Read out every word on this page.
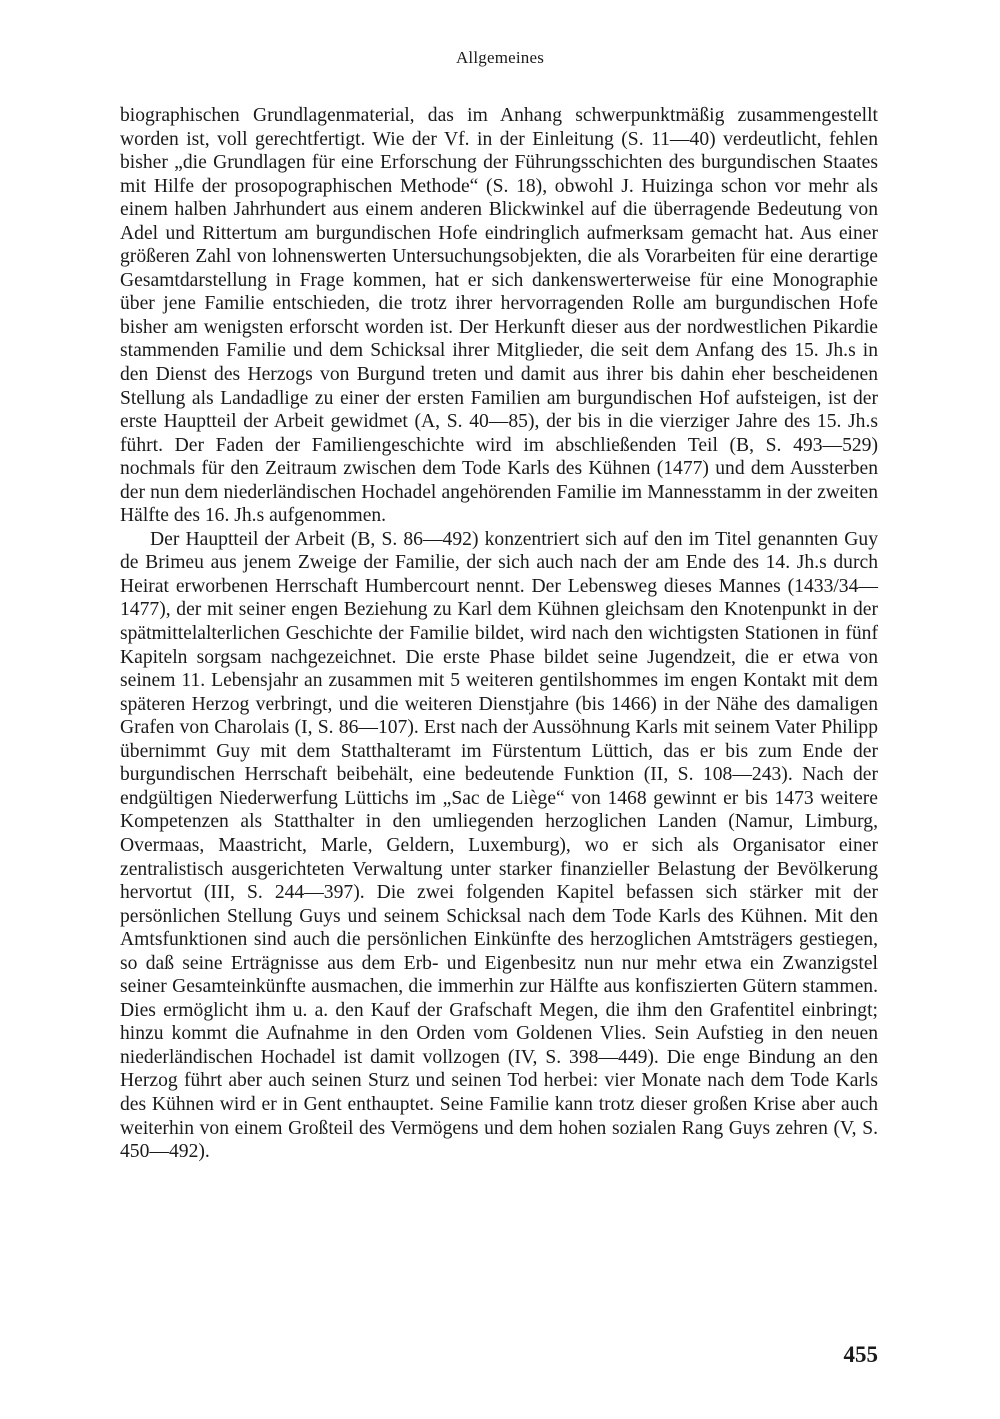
Allgemeines

biographischen Grundlagenmaterial, das im Anhang schwerpunktmäßig zusammengestellt worden ist, voll gerechtfertigt. Wie der Vf. in der Einleitung (S. 11—40) verdeutlicht, fehlen bisher „die Grundlagen für eine Erforschung der Führungsschichten des burgundischen Staates mit Hilfe der prosopographischen Methode“ (S. 18), obwohl J. Huizinga schon vor mehr als einem halben Jahrhundert aus einem anderen Blickwinkel auf die überragende Bedeutung von Adel und Rittertum am burgundischen Hofe eindringlich aufmerksam gemacht hat. Aus einer größeren Zahl von lohnenswerten Untersuchungsobjekten, die als Vorarbeiten für eine derartige Gesamtdarstellung in Frage kommen, hat er sich dankenswerterweise für eine Monographie über jene Familie entschieden, die trotz ihrer hervorragenden Rolle am burgundischen Hofe bisher am wenigsten erforscht worden ist. Der Herkunft dieser aus der nordwestlichen Pikardie stammenden Familie und dem Schicksal ihrer Mitglieder, die seit dem Anfang des 15. Jh.s in den Dienst des Herzogs von Burgund treten und damit aus ihrer bis dahin eher bescheidenen Stellung als Landadlige zu einer der ersten Familien am burgundischen Hof aufsteigen, ist der erste Hauptteil der Arbeit gewidmet (A, S. 40—85), der bis in die vierziger Jahre des 15. Jh.s führt. Der Faden der Familiengeschichte wird im abschließenden Teil (B, S. 493—529) nochmals für den Zeitraum zwischen dem Tode Karls des Kühnen (1477) und dem Aussterben der nun dem niederländischen Hochadel angehörenden Familie im Mannesstamm in der zweiten Hälfte des 16. Jh.s aufgenommen.

Der Hauptteil der Arbeit (B, S. 86—492) konzentriert sich auf den im Titel genannten Guy de Brimeu aus jenem Zweige der Familie, der sich auch nach der am Ende des 14. Jh.s durch Heirat erworbenen Herrschaft Humbercourt nennt. Der Lebensweg dieses Mannes (1433/34—1477), der mit seiner engen Beziehung zu Karl dem Kühnen gleichsam den Knotenpunkt in der spätmittelalterlichen Geschichte der Familie bildet, wird nach den wichtigsten Stationen in fünf Kapiteln sorgsam nachgezeichnet. Die erste Phase bildet seine Jugendzeit, die er etwa von seinem 11. Lebensjahr an zusammen mit 5 weiteren gentilshommes im engen Kontakt mit dem späteren Herzog verbringt, und die weiteren Dienstjahre (bis 1466) in der Nähe des damaligen Grafen von Charolais (I, S. 86—107). Erst nach der Aussöhnung Karls mit seinem Vater Philipp übernimmt Guy mit dem Statthalteramt im Fürstentum Lüttich, das er bis zum Ende der burgundischen Herrschaft beibehält, eine bedeutende Funktion (II, S. 108—243). Nach der endgültigen Niederwerfung Lüttichs im „Sac de Liège“ von 1468 gewinnt er bis 1473 weitere Kompetenzen als Statthalter in den umliegenden herzoglichen Landen (Namur, Limburg, Overmaas, Maastricht, Marle, Geldern, Luxemburg), wo er sich als Organisator einer zentralistisch ausgerichteten Verwaltung unter starker finanzieller Belastung der Bevölkerung hervortut (III, S. 244—397). Die zwei folgenden Kapitel befassen sich stärker mit der persönlichen Stellung Guys und seinem Schicksal nach dem Tode Karls des Kühnen. Mit den Amtsfunktionen sind auch die persönlichen Einkünfte des herzoglichen Amtsträgers gestiegen, so daß seine Erträgnisse aus dem Erb- und Eigenbesitz nun nur mehr etwa ein Zwanzigstel seiner Gesamteinkünfte ausmachen, die immerhin zur Hälfte aus konfiszierten Gütern stammen. Dies ermöglicht ihm u. a. den Kauf der Grafschaft Megen, die ihm den Grafentitel einbringt; hinzu kommt die Aufnahme in den Orden vom Goldenen Vlies. Sein Aufstieg in den neuen niederländischen Hochadel ist damit vollzogen (IV, S. 398—449). Die enge Bindung an den Herzog führt aber auch seinen Sturz und seinen Tod herbei: vier Monate nach dem Tode Karls des Kühnen wird er in Gent enthauptet. Seine Familie kann trotz dieser großen Krise aber auch weiterhin von einem Großteil des Vermögens und dem hohen sozialen Rang Guys zehren (V, S. 450—492).

455
